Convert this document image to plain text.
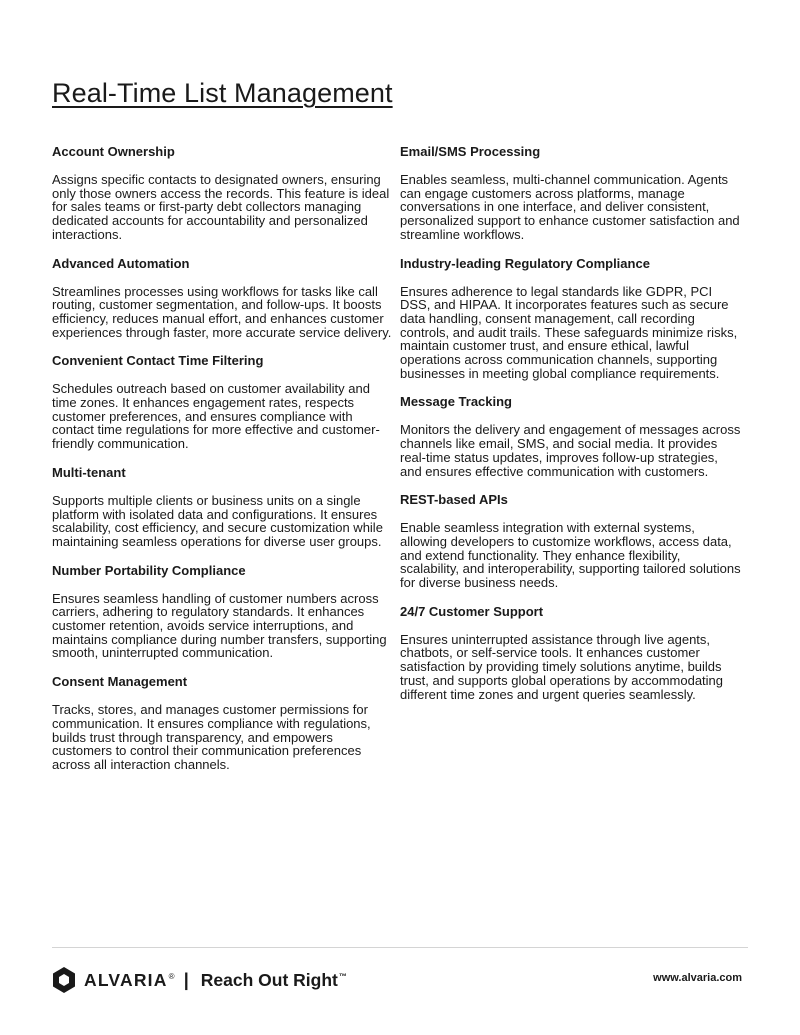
Real-Time List Management
Account Ownership

Assigns specific contacts to designated owners, ensuring only those owners access the records. This feature is ideal for sales teams or first-party debt collectors managing dedicated accounts for accountability and personalized interactions.

Advanced Automation

Streamlines processes using workflows for tasks like call routing, customer segmentation, and follow-ups. It boosts efficiency, reduces manual effort, and enhances customer experiences through faster, more accurate service delivery.

Convenient Contact Time Filtering

Schedules outreach based on customer availability and time zones. It enhances engagement rates, respects customer preferences, and ensures compliance with contact time regulations for more effective and customer-friendly communication.

Multi-tenant

Supports multiple clients or business units on a single platform with isolated data and configurations. It ensures scalability, cost efficiency, and secure customization while maintaining seamless operations for diverse user groups.

Number Portability Compliance

Ensures seamless handling of customer numbers across carriers, adhering to regulatory standards. It enhances customer retention, avoids service interruptions, and maintains compliance during number transfers, supporting smooth, uninterrupted communication.

Consent Management

Tracks, stores, and manages customer permissions for communication. It ensures compliance with regulations, builds trust through transparency, and empowers customers to control their communication preferences across all interaction channels.

Email/SMS Processing

Enables seamless, multi-channel communication. Agents can engage customers across platforms, manage conversations in one interface, and deliver consistent, personalized support to enhance customer satisfaction and streamline workflows.

Industry-leading Regulatory Compliance

Ensures adherence to legal standards like GDPR, PCI DSS, and HIPAA. It incorporates features such as secure data handling, consent management, call recording controls, and audit trails. These safeguards minimize risks, maintain customer trust, and ensure ethical, lawful operations across communication channels, supporting businesses in meeting global compliance requirements.

Message Tracking

Monitors the delivery and engagement of messages across channels like email, SMS, and social media. It provides real-time status updates, improves follow-up strategies, and ensures effective communication with customers.

REST-based APIs

Enable seamless integration with external systems, allowing developers to customize workflows, access data, and extend functionality. They enhance flexibility, scalability, and interoperability, supporting tailored solutions for diverse business needs.

24/7 Customer Support

Ensures uninterrupted assistance through live agents, chatbots, or self-service tools. It enhances customer satisfaction by providing timely solutions anytime, builds trust, and supports global operations by accommodating different time zones and urgent queries seamlessly.

ALVARIA® | Reach Out Right™	www.alvaria.com
